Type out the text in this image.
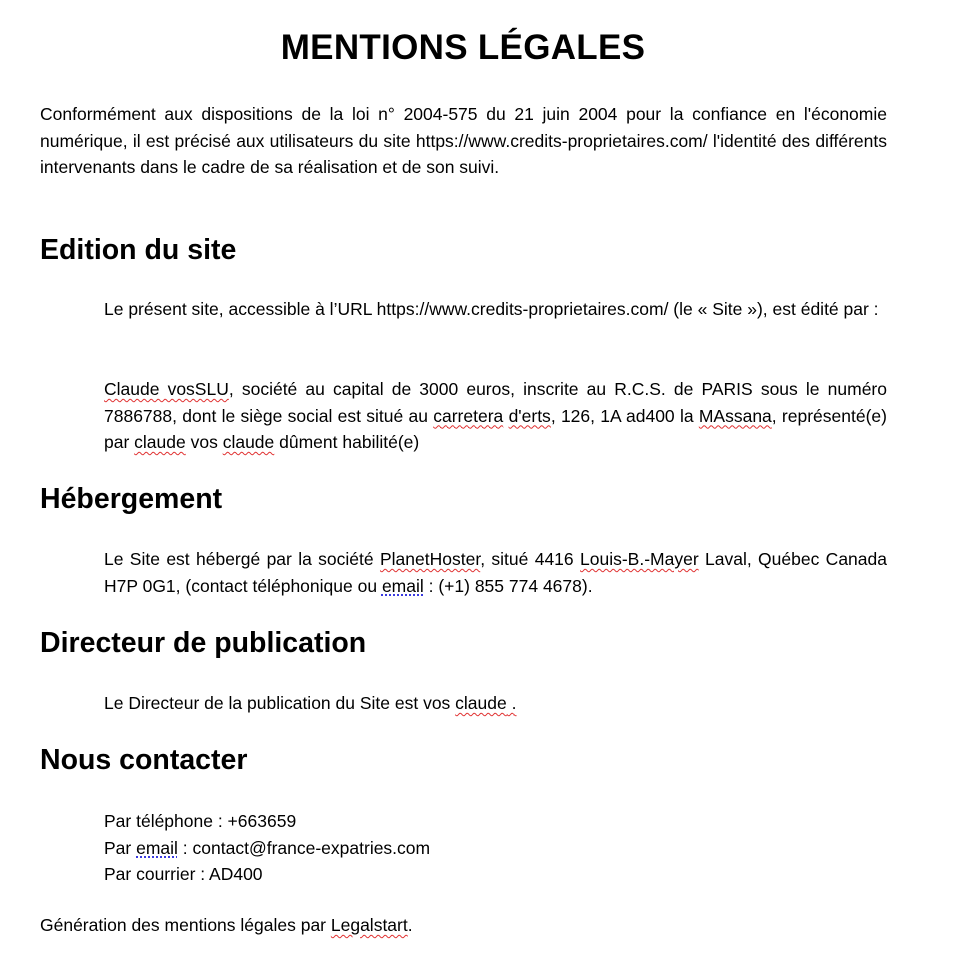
MENTIONS LÉGALES

Conformément aux dispositions de la loi n° 2004-575 du 21 juin 2004 pour la confiance en l'économie numérique, il est précisé aux utilisateurs du site https://www.credits-proprietaires.com/ l'identité des différents intervenants dans le cadre de sa réalisation et de son suivi.

Edition du site

Le présent site, accessible à l’URL https://www.credits-proprietaires.com/ (le « Site »), est édité par :

Claude vosSLU, société au capital de 3000 euros, inscrite au R.C.S. de PARIS sous le numéro 7886788, dont le siège social est situé au carretera d'erts, 126, 1A ad400 la MAssana, représenté(e) par claude vos claude dûment habilité(e)

Hébergement

Le Site est hébergé par la société PlanetHoster, situé 4416 Louis-B.-Mayer Laval, Québec Canada H7P 0G1, (contact téléphonique ou email : (+1) 855 774 4678).

Directeur de publication

Le Directeur de la publication du Site est vos claude .

Nous contacter
Par téléphone : +663659
Par email : contact@france-expatries.com
Par courrier : AD400

Génération des mentions légales par Legalstart.
